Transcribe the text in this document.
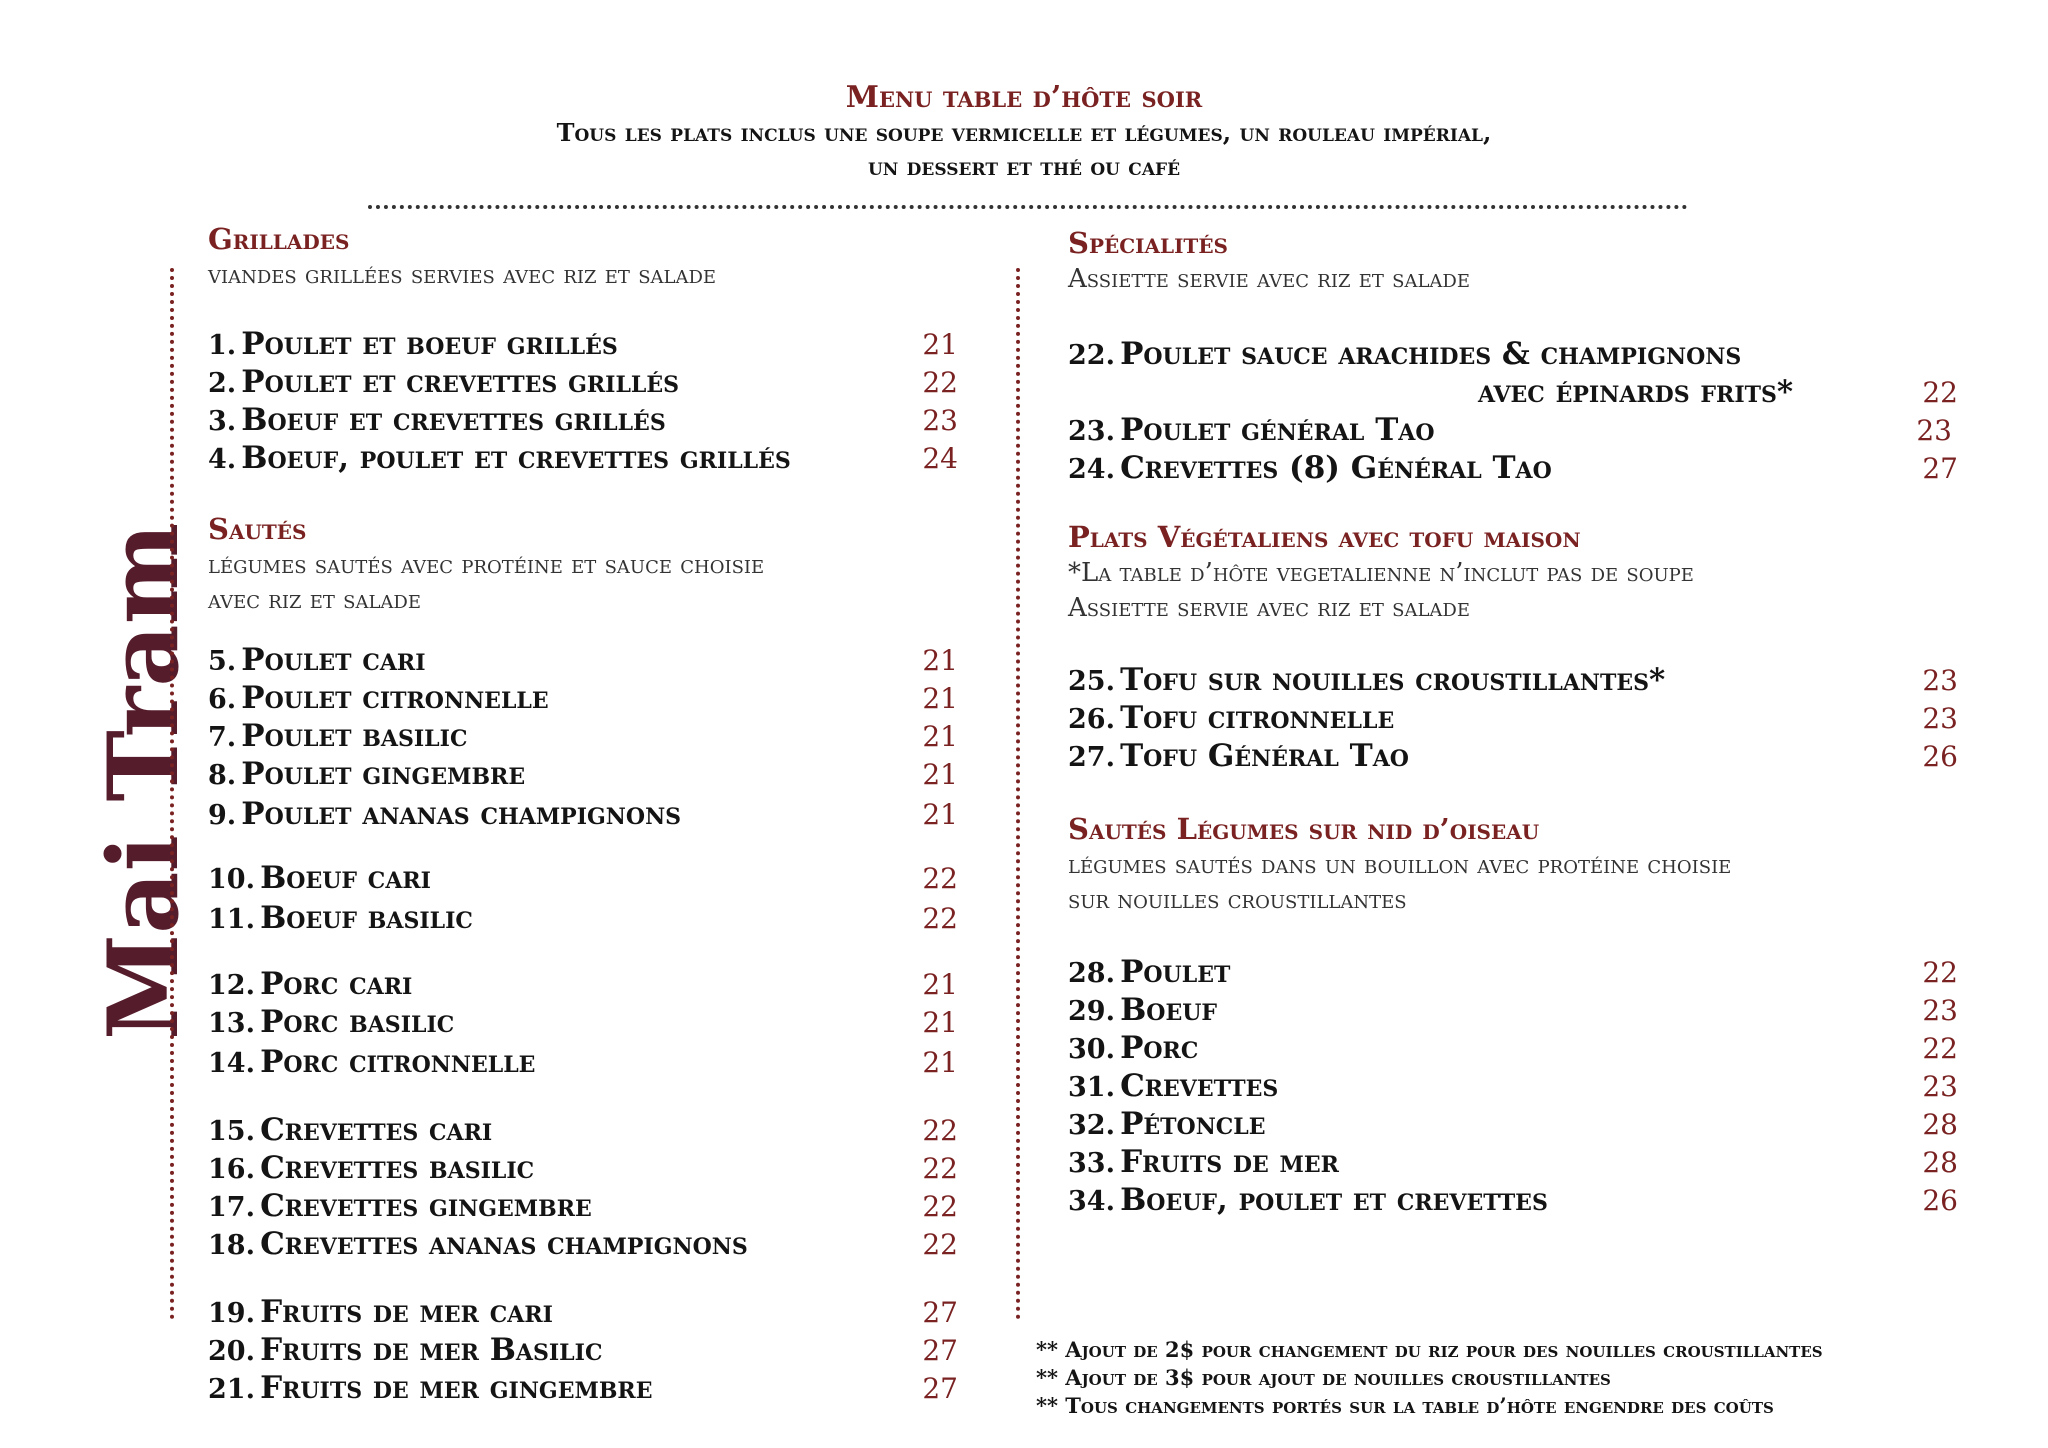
Menu table d’hôte soir
Tous les plats inclus une soupe vermicelle et légumes, un rouleau impérial,
un dessert et thé ou café
Mai Tram
Grillades
viandes grillées servies avec riz et salade
1. Poulet et boeuf grillés	21
2. Poulet et crevettes grillés	22
3. Boeuf et crevettes grillés	23
4. Boeuf, poulet et crevettes grillés	24
Sautés
légumes sautés avec protéine et sauce choisie
avec riz et salade
5. Poulet cari	21
6. Poulet citronnelle	21
7. Poulet basilic	21
8. Poulet gingembre	21
9. Poulet ananas champignons	21
10. Boeuf cari	22
11. Boeuf basilic	22
12. Porc cari	21
13. Porc basilic	21
14. Porc citronnelle	21
15. Crevettes cari	22
16. Crevettes basilic	22
17. Crevettes gingembre	22
18. Crevettes ananas champignons	22
19. Fruits de mer cari	27
20. Fruits de mer Basilic	27
21. Fruits de mer gingembre	27
Spécialités
Assiette servie avec riz et salade
22. Poulet sauce arachides & champignons
avec épinards frits*	22
23. Poulet général Tao	23
24. Crevettes (8) Général Tao	27
Plats Végétaliens avec tofu maison
*La table d’hôte vegetalienne n’inclut pas de soupe
Assiette servie avec riz et salade
25. Tofu sur nouilles croustillantes*	23
26. Tofu citronnelle	23
27. Tofu Général Tao	26
Sautés Légumes sur nid d’oiseau
légumes sautés dans un bouillon avec protéine choisie
sur nouilles croustillantes
28. Poulet	22
29. Boeuf	23
30. Porc	22
31. Crevettes	23
32. Pétoncle	28
33. Fruits de mer	28
34. Boeuf, poulet et crevettes	26
** Ajout de 2$ pour changement du riz pour des nouilles croustillantes
** Ajout de 3$ pour ajout de nouilles croustillantes
** Tous changements portés sur la table d’hôte engendre des coûts
